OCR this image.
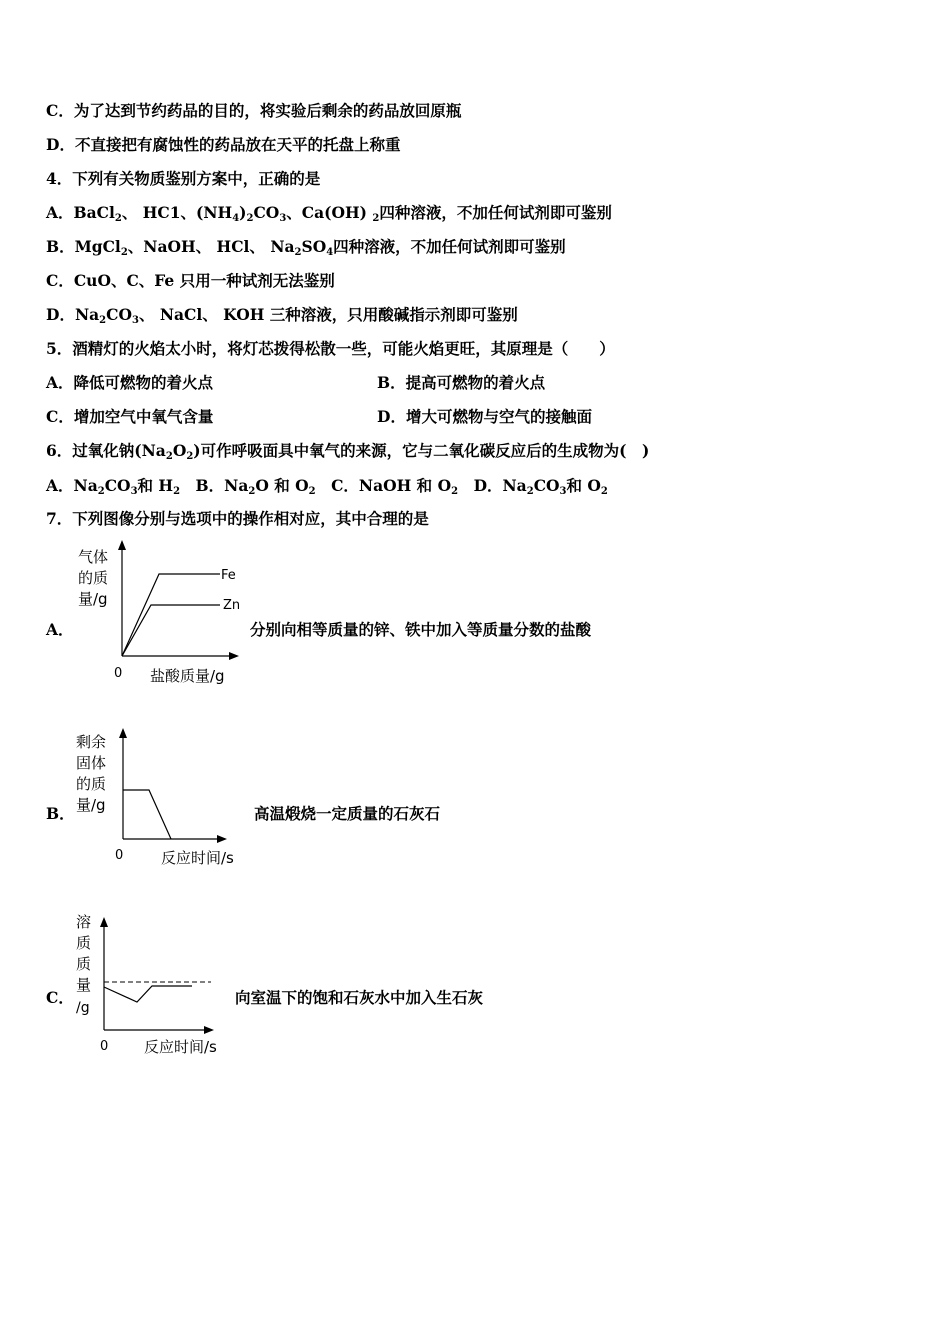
C．为了达到节约药品的目的，将实验后剩余的药品放回原瓶
D．不直接把有腐蚀性的药品放在天平的托盘上称重
4．下列有关物质鉴别方案中，正确的是
A．BaCl$_2$、 HC1、$(NH_4)_2CO_3$、Ca(OH) $_2$四种溶液，不加任何试剂即可鉴别
B．MgCl$_2$、NaOH、 HCl、 $Na_2SO_4$四种溶液，不加任何试剂即可鉴别
C．CuO、C、Fe 只用一种试剂无法鉴别
D．$Na_2CO_3$、 NaCl、 KOH 三种溶液，只用酸碱指示剂即可鉴别
5．酒精灯的火焰太小时，将灯芯拨得松散一些，可能火焰更旺，其原理是（　　）
A．降低可燃物的着火点	B．提高可燃物的着火点
C．增加空气中氧气含量	D．增大可燃物与空气的接触面
6．过氧化钠$(Na_2O_2)$可作呼吸面具中氧气的来源，它与二氧化碳反应后的生成物为(　)
A．$Na_2CO_3$和 $H_2$　B．$Na_2O$ 和 $O_2$　C．NaOH 和 $O_2$　D．$Na_2CO_3$和 $O_2$
7．下列图像分别与选项中的操作相对应，其中合理的是
A．
气体
的质
量/g
0 盐酸质量/g
Fe
Zn
分别向相等质量的锌、铁中加入等质量分数的盐酸
B．
剩余
固体
的质
量/g
0	反应时间/s
高温煅烧一定质量的石灰石
C．
溶
质
质
量
/g
0 反应时间/s
向室温下的饱和石灰水中加入生石灰
